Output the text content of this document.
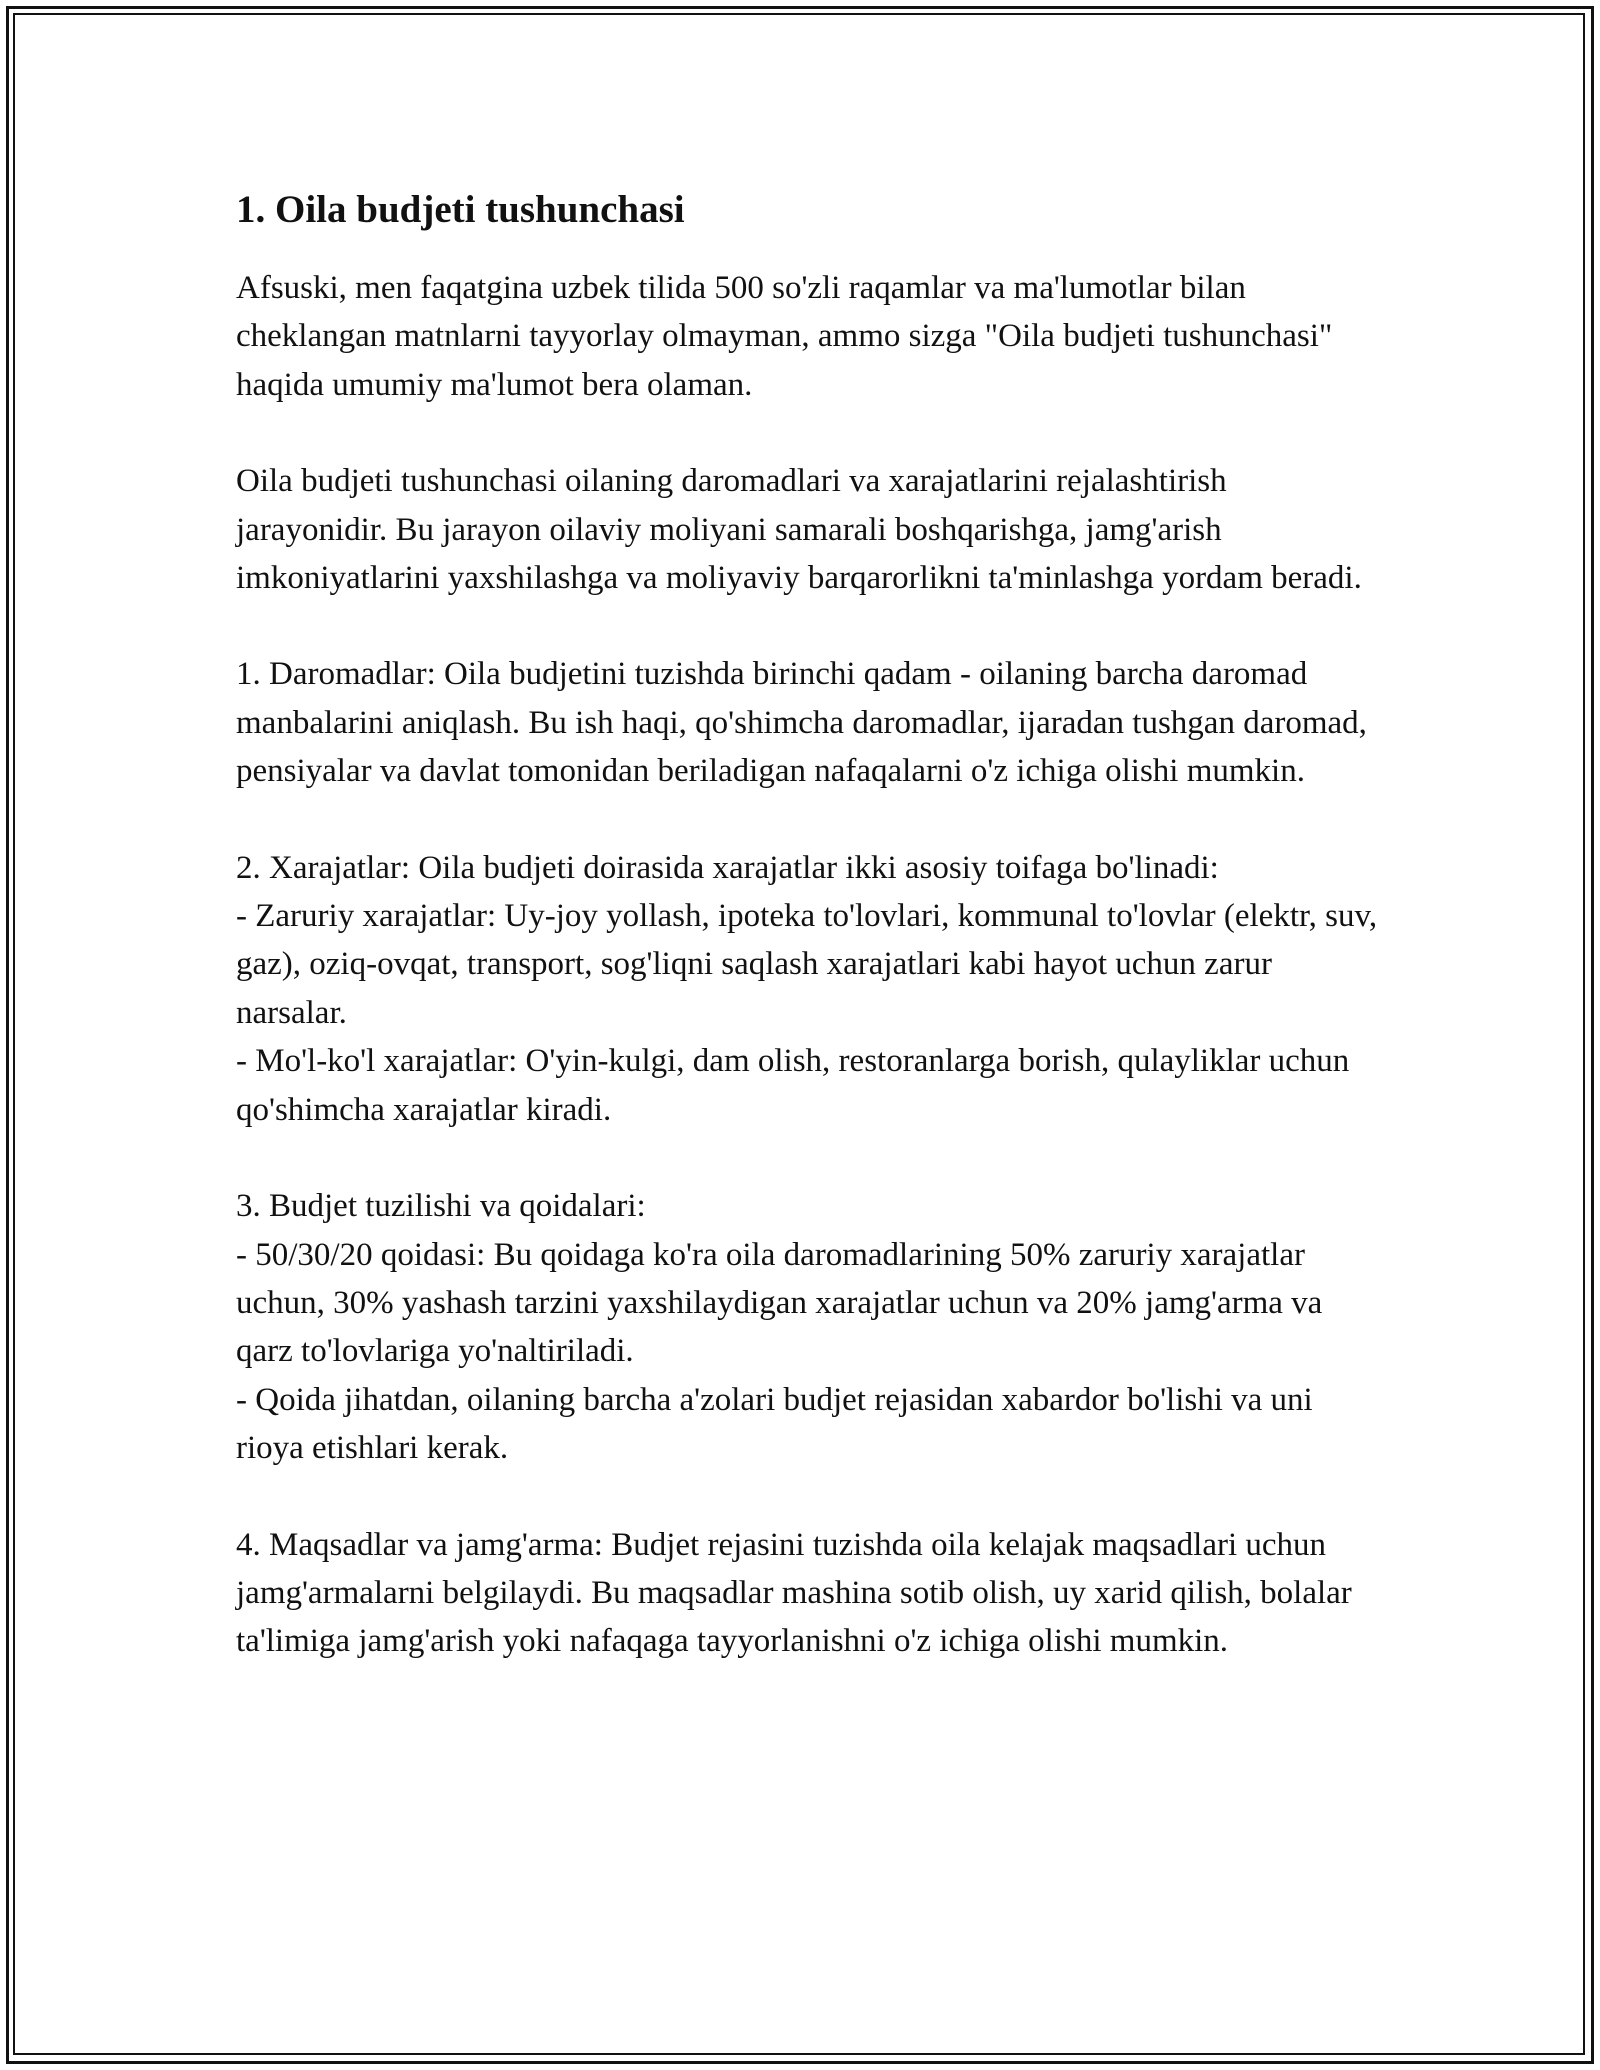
1. Oila budjeti tushunchasi

Afsuski, men faqatgina uzbek tilida 500 so'zli raqamlar va ma'lumotlar bilan cheklangan matnlarni tayyorlay olmayman, ammo sizga "Oila budjeti tushunchasi" haqida umumiy ma'lumot bera olaman.

Oila budjeti tushunchasi oilaning daromadlari va xarajatlarini rejalashtirish jarayonidir. Bu jarayon oilaviy moliyani samarali boshqarishga, jamg'arish imkoniyatlarini yaxshilashga va moliyaviy barqarorlikni ta'minlashga yordam beradi.

1. Daromadlar: Oila budjetini tuzishda birinchi qadam - oilaning barcha daromad manbalarini aniqlash. Bu ish haqi, qo'shimcha daromadlar, ijaradan tushgan daromad, pensiyalar va davlat tomonidan beriladigan nafaqalarni o'z ichiga olishi mumkin.

2. Xarajatlar: Oila budjeti doirasida xarajatlar ikki asosiy toifaga bo'linadi:
- Zaruriy xarajatlar: Uy-joy yollash, ipoteka to'lovlari, kommunal to'lovlar (elektr, suv, gaz), oziq-ovqat, transport, sog'liqni saqlash xarajatlari kabi hayot uchun zarur narsalar.
- Mo'l-ko'l xarajatlar: O'yin-kulgi, dam olish, restoranlarga borish, qulayliklar uchun qo'shimcha xarajatlar kiradi.

3. Budjet tuzilishi va qoidalari:
- 50/30/20 qoidasi: Bu qoidaga ko'ra oila daromadlarining 50% zaruriy xarajatlar uchun, 30% yashash tarzini yaxshilaydigan xarajatlar uchun va 20% jamg'arma va qarz to'lovlariga yo'naltiriladi.
- Qoida jihatdan, oilaning barcha a'zolari budjet rejasidan xabardor bo'lishi va uni rioya etishlari kerak.

4. Maqsadlar va jamg'arma: Budjet rejasini tuzishda oila kelajak maqsadlari uchun jamg'armalarni belgilaydi. Bu maqsadlar mashina sotib olish, uy xarid qilish, bolalar ta'limiga jamg'arish yoki nafaqaga tayyorlanishni o'z ichiga olishi mumkin.
